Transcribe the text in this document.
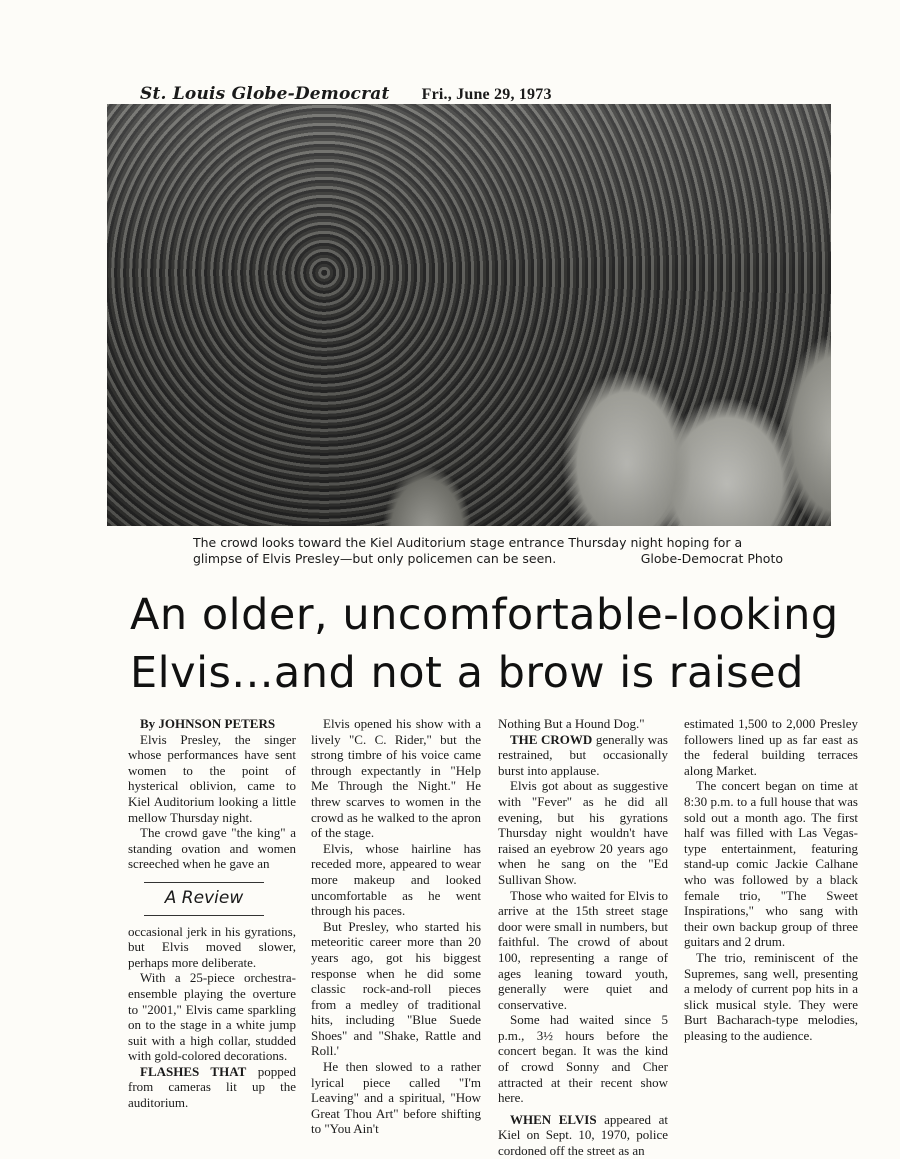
St. Louis Globe-Democrat Fri., June 29, 1973
The crowd looks toward the Kiel Auditorium stage entrance Thursday night hoping for a glimpse of Elvis Presley—but only policemen can be seen.	Globe-Democrat Photo
An older, uncomfortable-looking
Elvis...and not a brow is raised

By JOHNSON PETERS

Elvis Presley, the singer whose performances have sent women to the point of hysterical oblivion, came to Kiel Auditorium looking a little mellow Thursday night.

The crowd gave "the king" a standing ovation and women screeched when he gave an

A Review

occasional jerk in his gyrations, but Elvis moved slower, perhaps more deliberate.

With a 25-piece orchestra-ensemble playing the overture to "2001," Elvis came sparkling on to the stage in a white jump suit with a high collar, studded with gold-colored decorations.

FLASHES THAT popped from cameras lit up the auditorium.

Elvis opened his show with a lively "C. C. Rider," but the strong timbre of his voice came through expectantly in "Help Me Through the Night." He threw scarves to women in the crowd as he walked to the apron of the stage.

Elvis, whose hairline has receded more, appeared to wear more makeup and looked uncomfortable as he went through his paces.

But Presley, who started his meteoritic career more than 20 years ago, got his biggest response when he did some classic rock-and-roll pieces from a medley of traditional hits, including "Blue Suede Shoes" and "Shake, Rattle and Roll.'

He then slowed to a rather lyrical piece called "I'm Leaving" and a spiritual, "How Great Thou Art" before shifting to "You Ain't

Nothing But a Hound Dog."

THE CROWD generally was restrained, but occasionally burst into applause.

Elvis got about as suggestive with "Fever" as he did all evening, but his gyrations Thursday night wouldn't have raised an eyebrow 20 years ago when he sang on the "Ed Sullivan Show.

Those who waited for Elvis to arrive at the 15th street stage door were small in numbers, but faithful. The crowd of about 100, representing a range of ages leaning toward youth, generally were quiet and conservative.

Some had waited since 5 p.m., 3½ hours before the concert began. It was the kind of crowd Sonny and Cher attracted at their recent show here.

WHEN ELVIS appeared at Kiel on Sept. 10, 1970, police cordoned off the street as an

estimated 1,500 to 2,000 Presley followers lined up as far east as the federal building terraces along Market.

The concert began on time at 8:30 p.m. to a full house that was sold out a month ago. The first half was filled with Las Vegas-type entertainment, featuring stand-up comic Jackie Calhane who was followed by a black female trio, "The Sweet Inspirations," who sang with their own backup group of three guitars and 2 drum.

The trio, reminiscent of the Supremes, sang well, presenting a melody of current pop hits in a slick musical style. They were Burt Bacharach-type melodies, pleasing to the audience.
